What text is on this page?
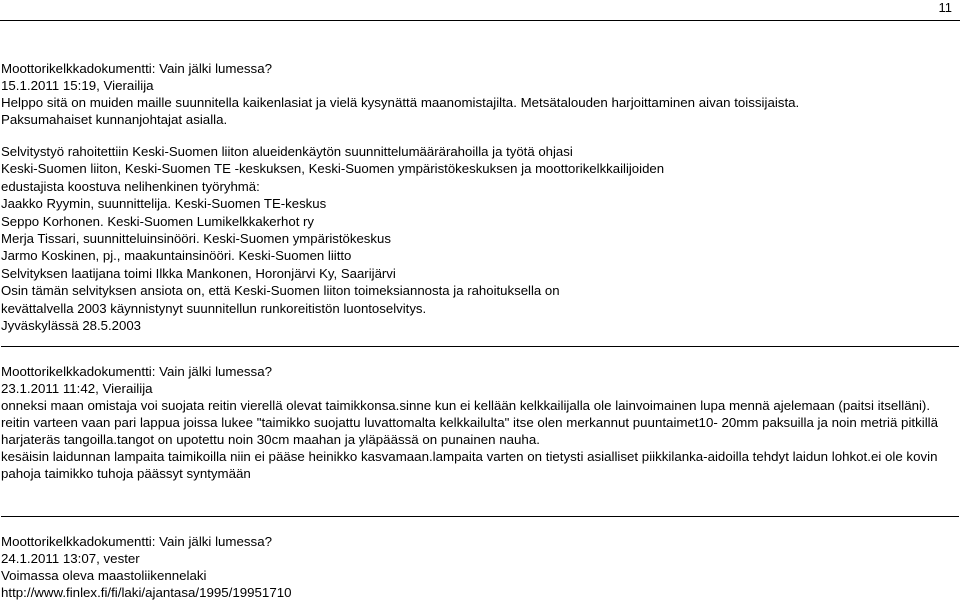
11
Moottorikelkkadokumentti: Vain jälki lumessa?
15.1.2011 15:19, Vierailija
Helppo sitä on muiden maille suunnitella kaikenlasiat ja vielä kysynättä maanomistajilta. Metsätalouden harjoittaminen aivan toissijaista.
Paksumahaiset kunnanjohtajat asialla.
Selvitystyö rahoitettiin Keski-Suomen liiton alueidenkäytön suunnittelumäärärahoilla ja työtä ohjasi
Keski-Suomen liiton, Keski-Suomen TE -keskuksen, Keski-Suomen ympäristökeskuksen ja moottorikelkkailijoiden
edustajista koostuva nelihenkinen työryhmä:
Jaakko Ryymin, suunnittelija. Keski-Suomen TE-keskus
Seppo Korhonen. Keski-Suomen Lumikelkkakerhot ry
Merja Tissari, suunnitteluinsinööri. Keski-Suomen ympäristökeskus
Jarmo Koskinen, pj., maakuntainsinööri. Keski-Suomen liitto
Selvityksen laatijana toimi Ilkka Mankonen, Horonjärvi Ky, Saarijärvi
Osin tämän selvityksen ansiota on, että Keski-Suomen liiton toimeksiannosta ja rahoituksella on
kevättalvella 2003 käynnistynyt suunnitellun runkoreitistön luontoselvitys.
Jyväskylässä 28.5.2003
Moottorikelkkadokumentti: Vain jälki lumessa?
23.1.2011 11:42, Vierailija
onneksi maan omistaja voi suojata reitin vierellä olevat taimikkonsa.sinne kun ei kellään kelkkailijalla ole lainvoimainen lupa mennä ajelemaan (paitsi itselläni).
reitin varteen vaan pari lappua joissa lukee "taimikko suojattu luvattomalta kelkkailulta" itse olen merkannut puuntaimet10- 20mm paksuilla ja noin metriä pitkillä harjateräs tangoilla.tangot on upotettu noin 30cm maahan ja yläpäässä on punainen nauha.
kesäisin laidunnan lampaita taimikoilla niin ei pääse heinikko kasvamaan.lampaita varten on tietysti asialliset piikkilanka-aidoilla tehdyt laidun lohkot.ei ole kovin pahoja taimikko tuhoja päässyt syntymään
Moottorikelkkadokumentti: Vain jälki lumessa?
24.1.2011 13:07, vester
Voimassa oleva maastoliikennelaki
http://www.finlex.fi/fi/laki/ajantasa/1995/19951710
